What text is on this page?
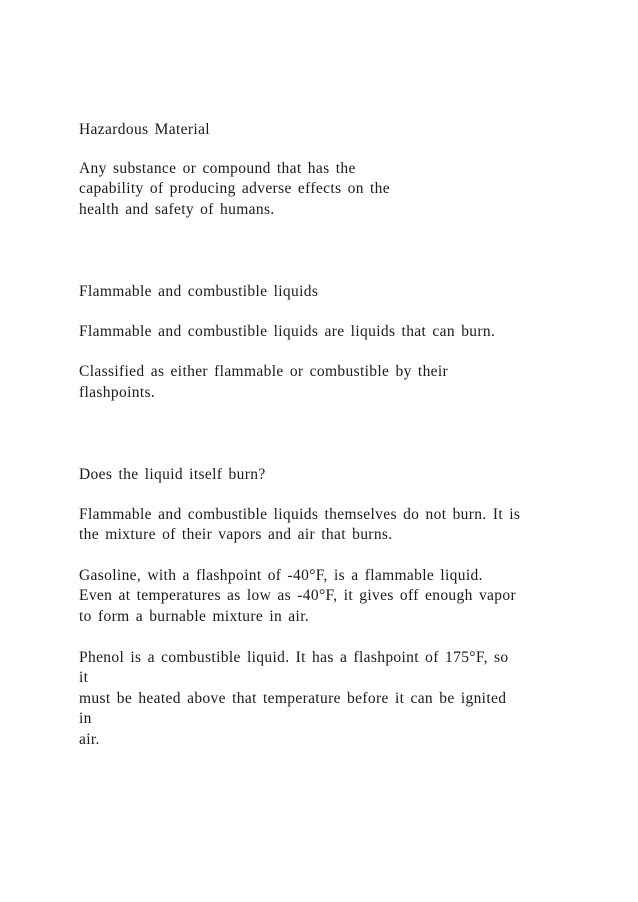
Hazardous Material
Any substance or compound that has the
capability of producing adverse effects on the
health and safety of humans.
Flammable and combustible liquids
Flammable and combustible liquids are liquids that can burn.
Classified as either flammable or combustible by their
flashpoints.
Does the liquid itself burn?
Flammable and combustible liquids themselves do not burn. It is
the mixture of their vapors and air that burns.
Gasoline, with a flashpoint of -40°F, is a flammable liquid.
Even at temperatures as low as -40°F, it gives off enough vapor
to form a burnable mixture in air.
Phenol is a combustible liquid. It has a flashpoint of 175°F, so
it
must be heated above that temperature before it can be ignited
in
air.
